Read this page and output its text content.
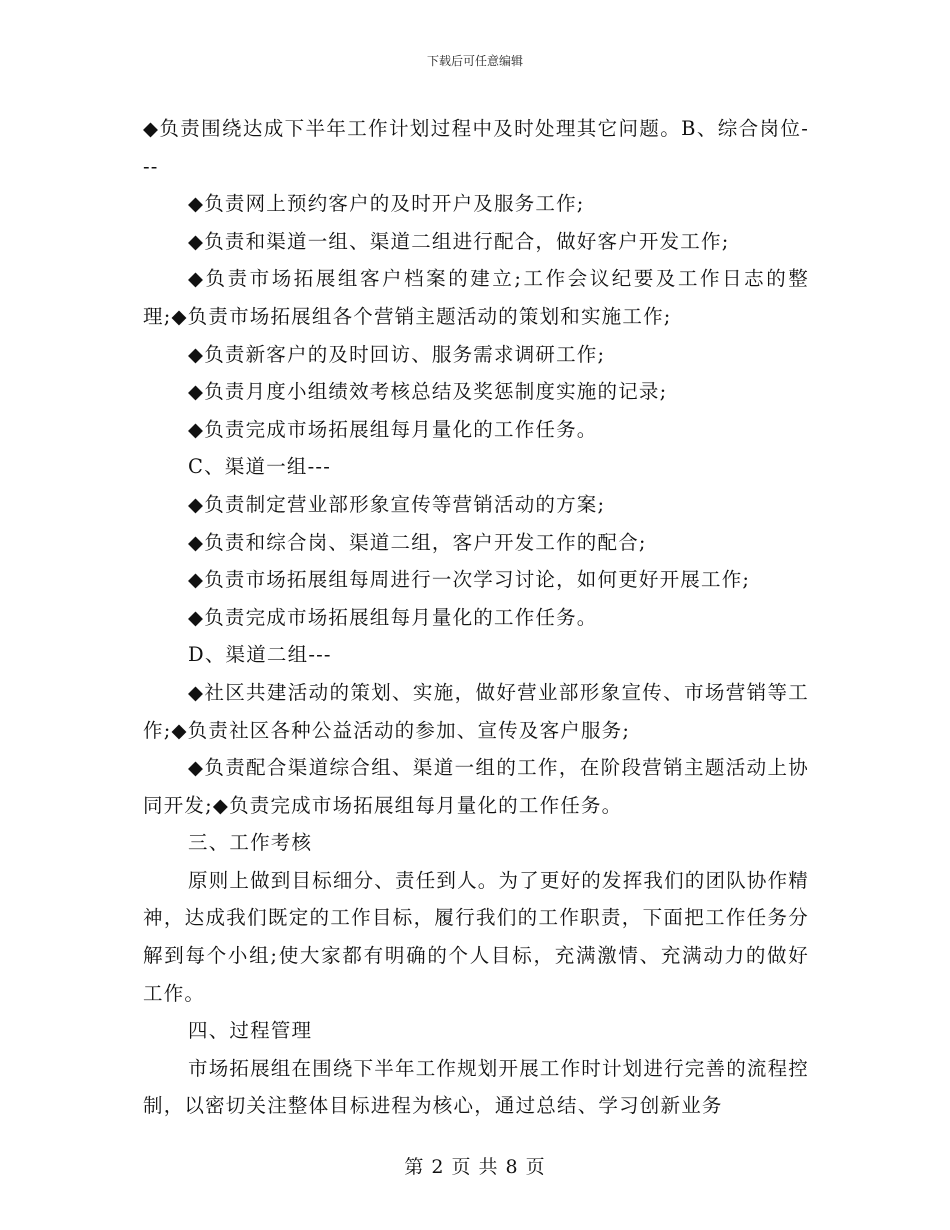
下载后可任意编辑

◆负责围绕达成下半年工作计划过程中及时处理其它问题。B、综合岗位---

◆负责网上预约客户的及时开户及服务工作;

◆负责和渠道一组、渠道二组进行配合，做好客户开发工作;

◆负责市场拓展组客户档案的建立;工作会议纪要及工作日志的整理;◆负责市场拓展组各个营销主题活动的策划和实施工作;

◆负责新客户的及时回访、服务需求调研工作;

◆负责月度小组绩效考核总结及奖惩制度实施的记录;

◆负责完成市场拓展组每月量化的工作任务。

C、渠道一组---

◆负责制定营业部形象宣传等营销活动的方案;

◆负责和综合岗、渠道二组，客户开发工作的配合;

◆负责市场拓展组每周进行一次学习讨论，如何更好开展工作;

◆负责完成市场拓展组每月量化的工作任务。

D、渠道二组---

◆社区共建活动的策划、实施，做好营业部形象宣传、市场营销等工作;◆负责社区各种公益活动的参加、宣传及客户服务;

◆负责配合渠道综合组、渠道一组的工作，在阶段营销主题活动上协同开发;◆负责完成市场拓展组每月量化的工作任务。

三、工作考核

原则上做到目标细分、责任到人。为了更好的发挥我们的团队协作精神，达成我们既定的工作目标，履行我们的工作职责，下面把工作任务分解到每个小组;使大家都有明确的个人目标，充满激情、充满动力的做好工作。

四、过程管理

市场拓展组在围绕下半年工作规划开展工作时计划进行完善的流程控制，以密切关注整体目标进程为核心，通过总结、学习创新业务

第 2 页 共 8 页
